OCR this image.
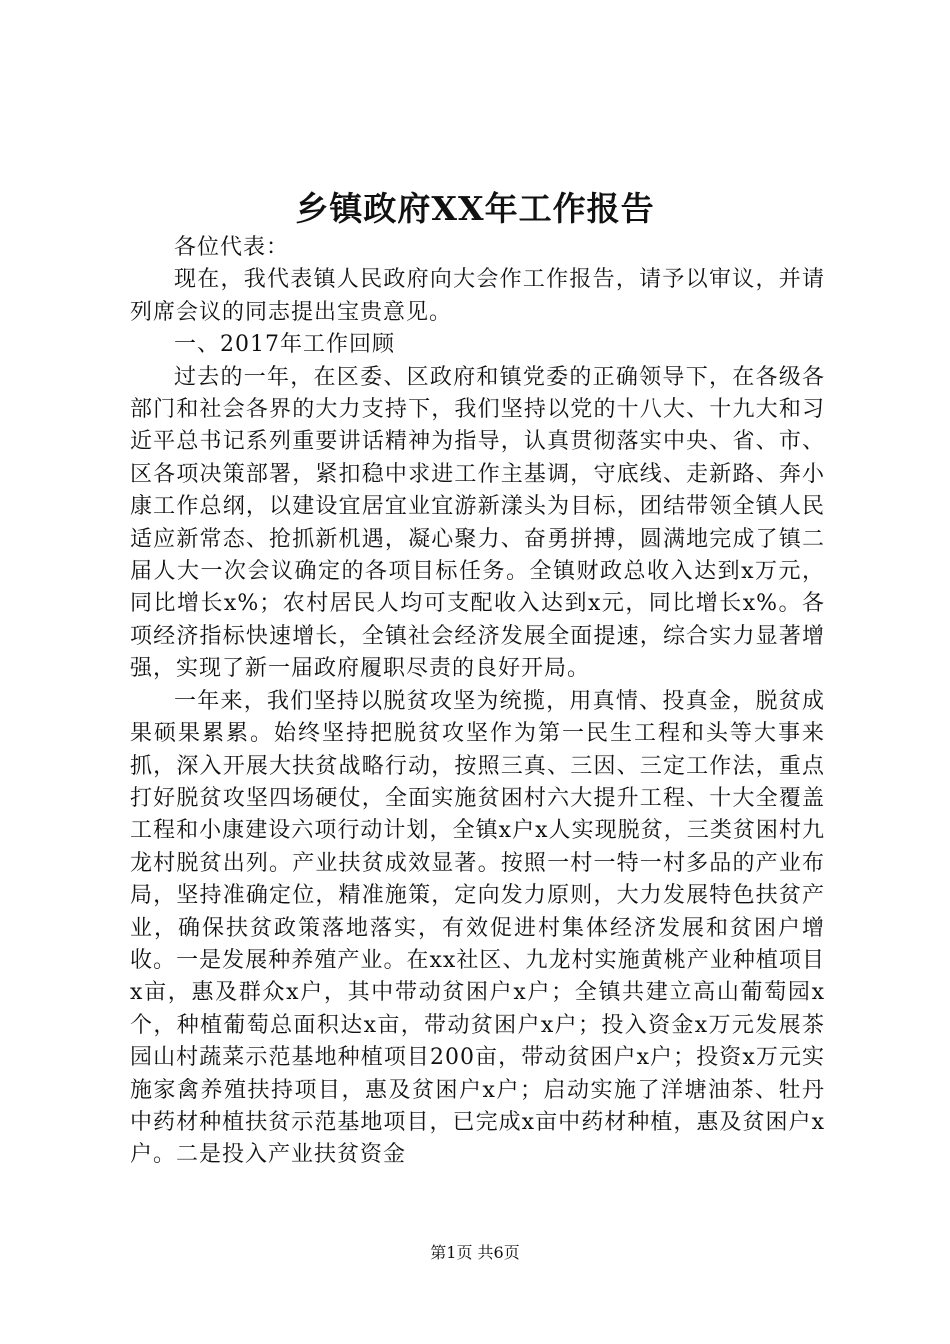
乡镇政府XX年工作报告

各位代表：

现在，我代表镇人民政府向大会作工作报告，请予以审议，并请列席会议的同志提出宝贵意见。

一、2017年工作回顾

过去的一年，在区委、区政府和镇党委的正确领导下，在各级各部门和社会各界的大力支持下，我们坚持以党的十八大、十九大和习近平总书记系列重要讲话精神为指导，认真贯彻落实中央、省、市、区各项决策部署，紧扣稳中求进工作主基调，守底线、走新路、奔小康工作总纲，以建设宜居宜业宜游新漾头为目标，团结带领全镇人民适应新常态、抢抓新机遇，凝心聚力、奋勇拼搏，圆满地完成了镇二届人大一次会议确定的各项目标任务。全镇财政总收入达到x万元，同比增长x%；农村居民人均可支配收入达到x元，同比增长x%。各项经济指标快速增长，全镇社会经济发展全面提速，综合实力显著增强，实现了新一届政府履职尽责的良好开局。

一年来，我们坚持以脱贫攻坚为统揽，用真情、投真金，脱贫成果硕果累累。始终坚持把脱贫攻坚作为第一民生工程和头等大事来抓，深入开展大扶贫战略行动，按照三真、三因、三定工作法，重点打好脱贫攻坚四场硬仗，全面实施贫困村六大提升工程、十大全覆盖工程和小康建设六项行动计划，全镇x户x人实现脱贫，三类贫困村九龙村脱贫出列。产业扶贫成效显著。按照一村一特一村多品的产业布局，坚持准确定位，精准施策，定向发力原则，大力发展特色扶贫产业，确保扶贫政策落地落实，有效促进村集体经济发展和贫困户增收。一是发展种养殖产业。在xx社区、九龙村实施黄桃产业种植项目x亩，惠及群众x户，其中带动贫困户x户；全镇共建立高山葡萄园x个，种植葡萄总面积达x亩，带动贫困户x户；投入资金x万元发展茶园山村蔬菜示范基地种植项目200亩，带动贫困户x户；投资x万元实施家禽养殖扶持项目，惠及贫困户x户；启动实施了洋塘油茶、牡丹中药材种植扶贫示范基地项目，已完成x亩中药材种植，惠及贫困户x户。二是投入产业扶贫资金

第1页 共6页
